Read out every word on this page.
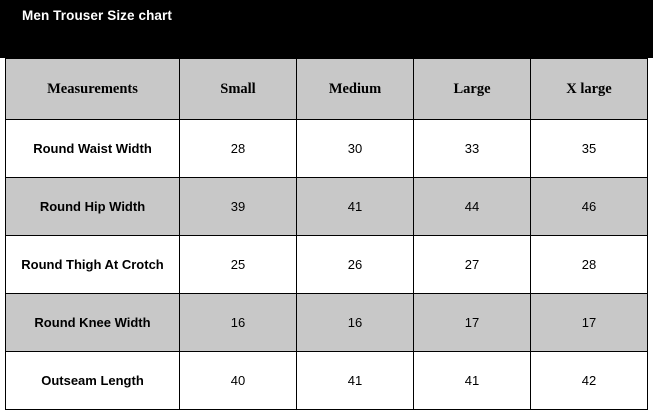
Men Trouser Size chart
Measurements	Small	Medium	Large	X large
Round Waist Width	28	30	33	35
Round Hip Width	39	41	44	46
Round Thigh At Crotch	25	26	27	28
Round Knee Width	16	16	17	17
Outseam Length	40	41	41	42
